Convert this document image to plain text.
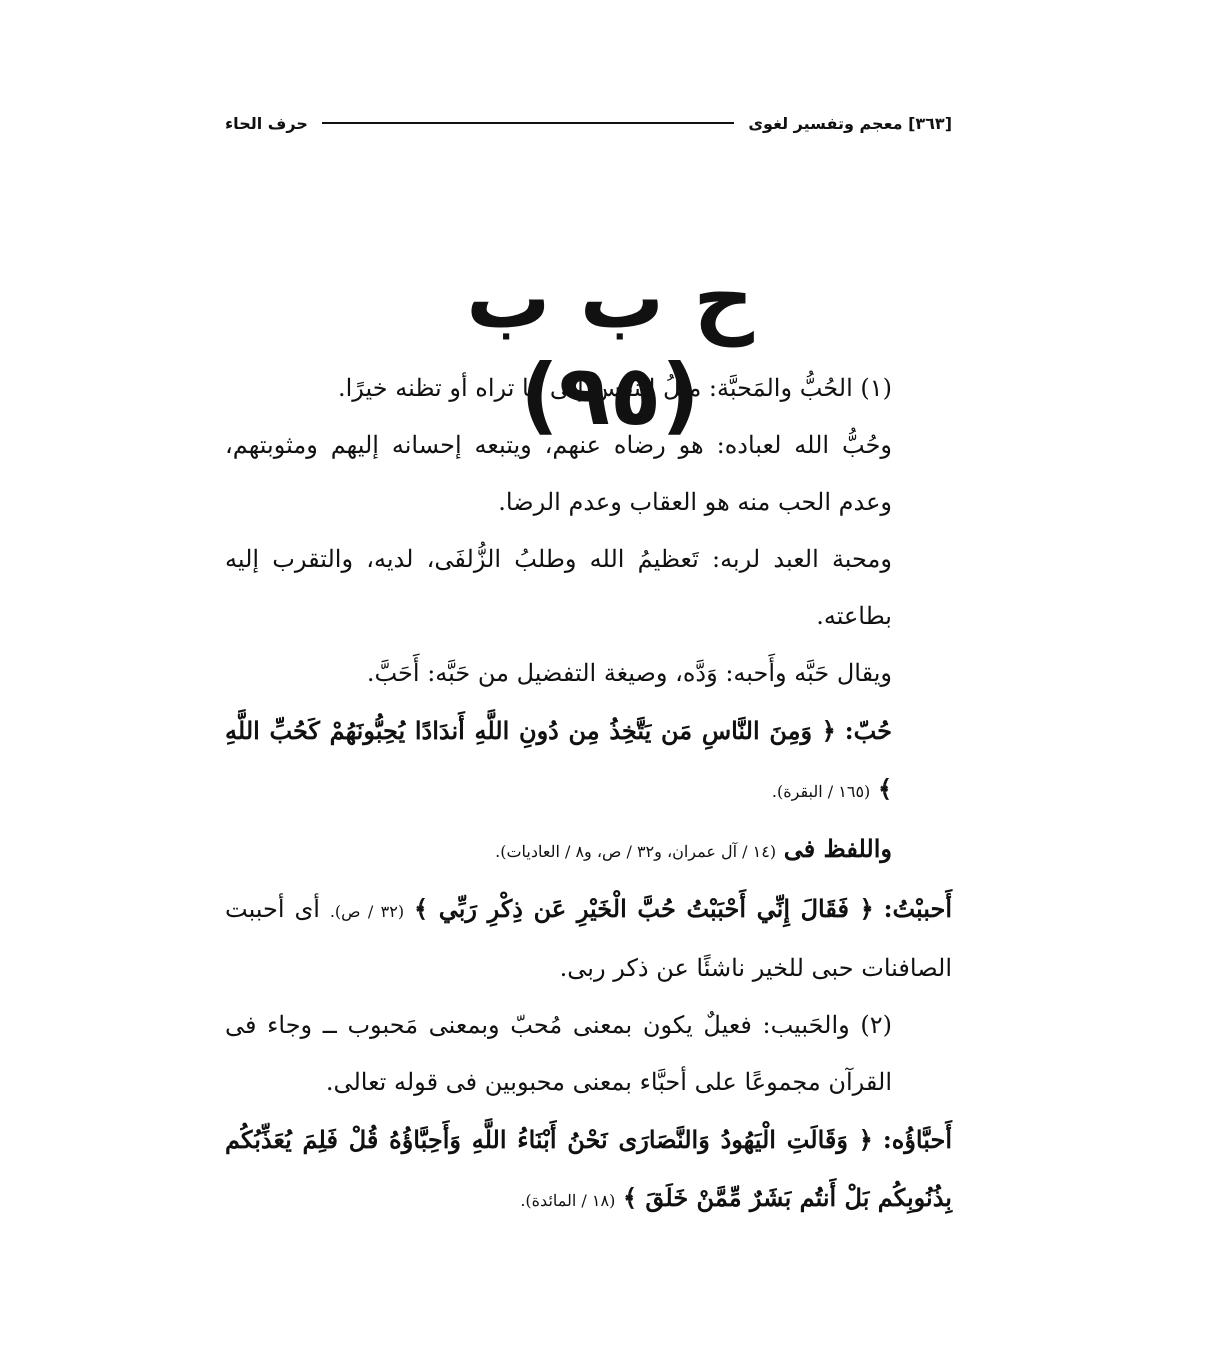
[٣٦٣] معجم وتفسير لغوى
حرف الحاء
ح ب ب (٩٥)

(١) الحُبُّ والمَحبَّة: ميلُ النفس إلى ما تراه أو تظنه خيرًا.

وحُبُّ الله لعباده: هو رضاه عنهم، ويتبعه إحسانه إليهم ومثوبتهم، وعدم الحب منه هو العقاب وعدم الرضا.

ومحبة العبد لربه: تَعظيمُ الله وطلبُ الزُّلفَى، لديه، والتقرب إليه بطاعته.

ويقال حَبَّه وأَحبه: وَدَّه، وصيغة التفضيل من حَبَّه: أَحَبَّ.

حُبّ: ﴿ وَمِنَ النَّاسِ مَن يَتَّخِذُ مِن دُونِ اللَّهِ أَندَادًا يُحِبُّونَهُمْ كَحُبِّ اللَّهِ ﴾ (١٦٥ / البقرة).

واللفظ فى (١٤ / آل عمران، و٣٢ / ص، و٨ / العاديات).

أَحببْتُ: ﴿ فَقَالَ إِنِّي أَحْبَبْتُ حُبَّ الْخَيْرِ عَن ذِكْرِ رَبِّي ﴾ (٣٢ / ص). أى أحببت الصافنات حبى للخير ناشئًا عن ذكر ربى.

(٢) والحَبيب: فعيلٌ يكون بمعنى مُحبّ وبمعنى مَحبوب ــ وجاء فى القرآن مجموعًا على أحبَّاء بمعنى محبوبين فى قوله تعالى.

أَحبَّاؤُه: ﴿ وَقَالَتِ الْيَهُودُ وَالنَّصَارَى نَحْنُ أَبْنَاءُ اللَّهِ وَأَحِبَّاؤُهُ قُلْ فَلِمَ يُعَذِّبُكُم بِذُنُوبِكُم بَلْ أَنتُم بَشَرٌ مِّمَّنْ خَلَقَ ﴾ (١٨ / المائدة).
